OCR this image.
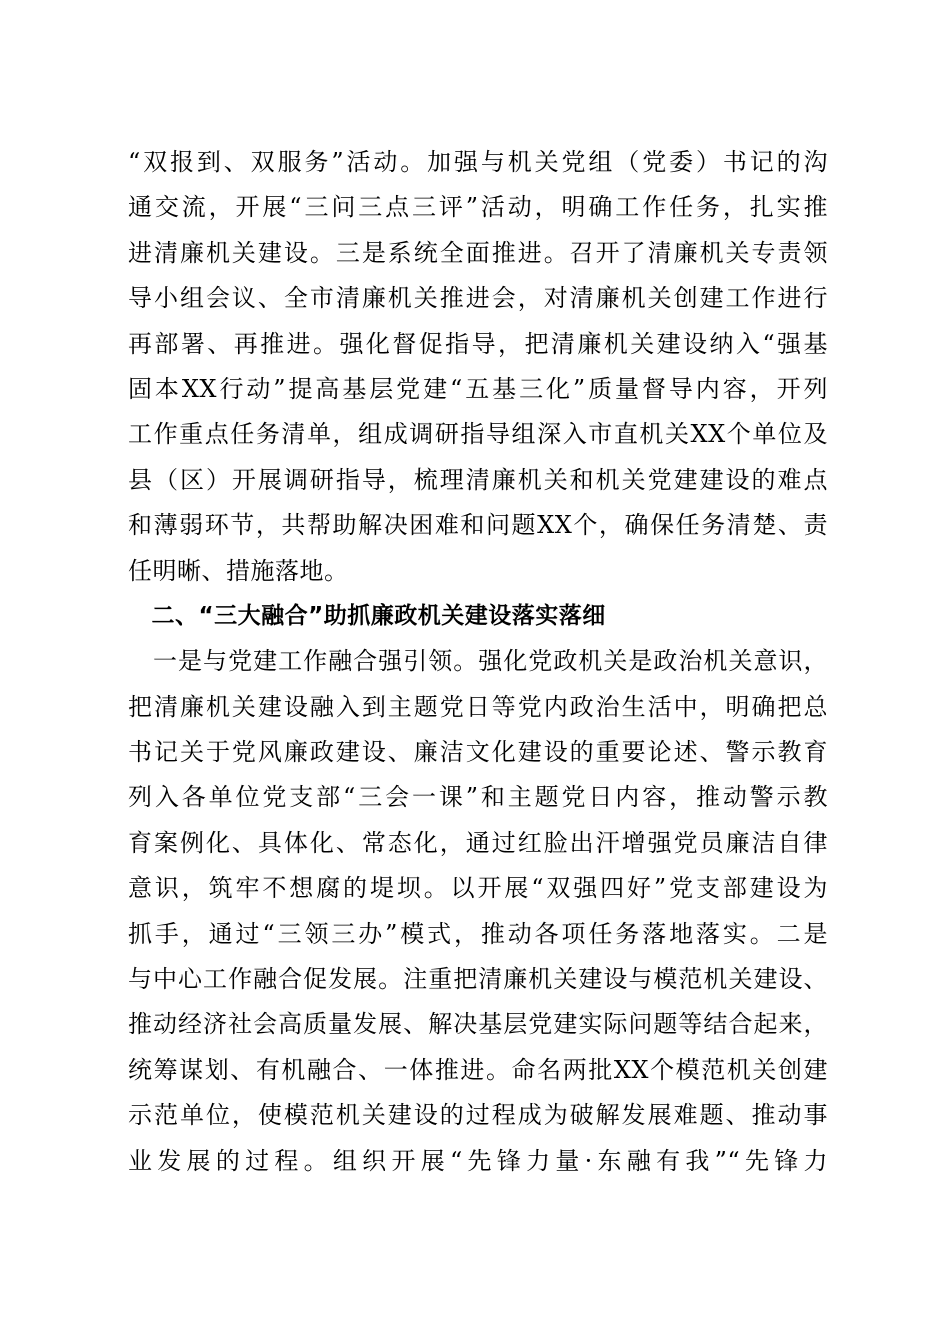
“双报到、双服务”活动。加强与机关党组（党委）书记的沟
通交流，开展“三问三点三评”活动，明确工作任务，扎实推
进清廉机关建设。三是系统全面推进。召开了清廉机关专责领
导小组会议、全市清廉机关推进会，对清廉机关创建工作进行
再部署、再推进。强化督促指导，把清廉机关建设纳入“强基
固本XX行动”提高基层党建“五基三化”质量督导内容，开列
工作重点任务清单，组成调研指导组深入市直机关XX个单位及
县（区）开展调研指导，梳理清廉机关和机关党建建设的难点
和薄弱环节，共帮助解决困难和问题XX个，确保任务清楚、责
任明晰、措施落地。
　二、“三大融合”助抓廉政机关建设落实落细
　一是与党建工作融合强引领。强化党政机关是政治机关意识，
把清廉机关建设融入到主题党日等党内政治生活中，明确把总
书记关于党风廉政建设、廉洁文化建设的重要论述、警示教育
列入各单位党支部“三会一课”和主题党日内容，推动警示教
育案例化、具体化、常态化，通过红脸出汗增强党员廉洁自律
意识，筑牢不想腐的堤坝。以开展“双强四好”党支部建设为
抓手，通过“三领三办”模式，推动各项任务落地落实。二是
与中心工作融合促发展。注重把清廉机关建设与模范机关建设、
推动经济社会高质量发展、解决基层党建实际问题等结合起来，
统筹谋划、有机融合、一体推进。命名两批XX个模范机关创建
示范单位，使模范机关建设的过程成为破解发展难题、推动事
业发展的过程。组织开展“先锋力量·东融有我”“先锋力
